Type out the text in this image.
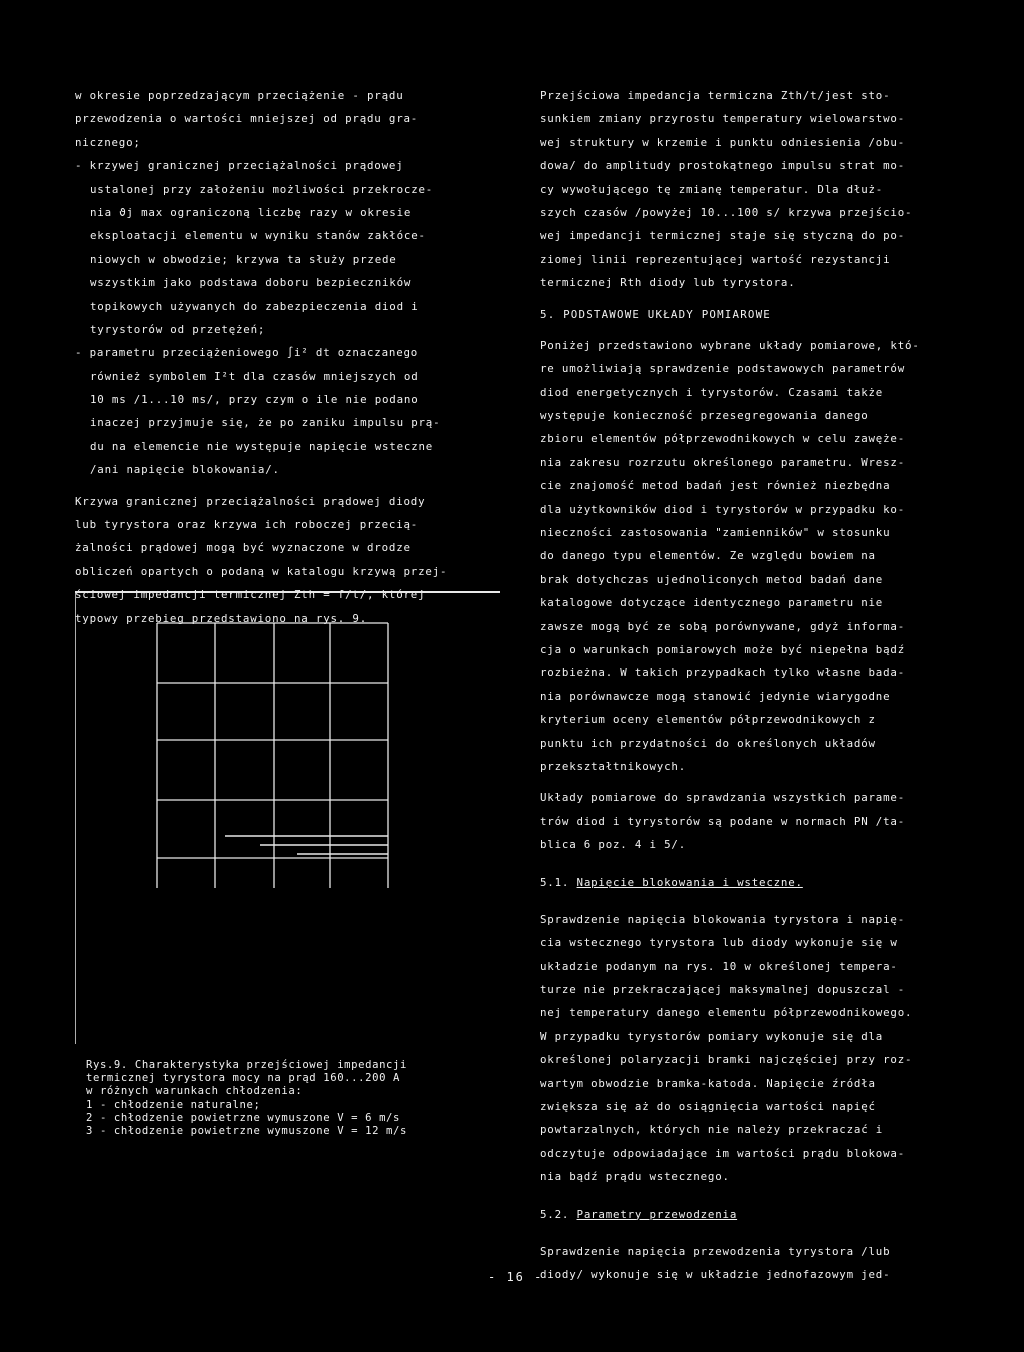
w okresie poprzedzającym przeciążenie - prądu
przewodzenia o wartości mniejszej od prądu gra-
nicznego;
- krzywej granicznej przeciążalności prądowej
ustalonej przy założeniu możliwości przekrocze-
nia ϑj max ograniczoną liczbę razy w okresie
eksploatacji elementu w wyniku stanów zakłóce-
niowych w obwodzie; krzywa ta służy przede
wszystkim jako podstawa doboru bezpieczników
topikowych używanych do zabezpieczenia diod i
tyrystorów od przetężeń;
- parametru przeciążeniowego ∫i² dt oznaczanego
również symbolem I²t dla czasów mniejszych od
10 ms /1...10 ms/, przy czym o ile nie podano
inaczej przyjmuje się, że po zaniku impulsu prą-
du na elemencie nie występuje napięcie wsteczne
/ani napięcie blokowania/.
Krzywa granicznej przeciążalności prądowej diody
lub tyrystora oraz krzywa ich roboczej przecią-
żalności prądowej mogą być wyznaczone w drodze
obliczeń opartych o podaną w katalogu krzywą przej-
ściowej impedancji termicznej Zth = f/t/, której
typowy przebieg przedstawiono na rys. 9.
Rys.9. Charakterystyka przejściowej impedancji
termicznej tyrystora mocy na prąd 160...200 A
w różnych warunkach chłodzenia:
1 - chłodzenie naturalne;
2 - chłodzenie powietrzne wymuszone V = 6 m/s
3 - chłodzenie powietrzne wymuszone V = 12 m/s
Przejściowa impedancja termiczna Zth/t/jest sto-
sunkiem zmiany przyrostu temperatury wielowarstwo-
wej struktury w krzemie i punktu odniesienia /obu-
dowa/ do amplitudy prostokątnego impulsu strat mo-
cy wywołującego tę zmianę temperatur. Dla dłuż-
szych czasów /powyżej 10...100 s/ krzywa przejścio-
wej impedancji termicznej staje się styczną do po-
ziomej linii reprezentującej wartość rezystancji
termicznej Rth diody lub tyrystora.
5. PODSTAWOWE UKŁADY POMIAROWE
Poniżej przedstawiono wybrane układy pomiarowe, któ-
re umożliwiają sprawdzenie podstawowych parametrów
diod energetycznych i tyrystorów. Czasami także
występuje konieczność przesegregowania danego
zbioru elementów półprzewodnikowych w celu zawęże-
nia zakresu rozrzutu określonego parametru. Wresz-
cie znajomość metod badań jest również niezbędna
dla użytkowników diod i tyrystorów w przypadku ko-
nieczności zastosowania "zamienników" w stosunku
do danego typu elementów. Ze względu bowiem na
brak dotychczas ujednoliconych metod badań dane
katalogowe dotyczące identycznego parametru nie
zawsze mogą być ze sobą porównywane, gdyż informa-
cja o warunkach pomiarowych może być niepełna bądź
rozbieżna. W takich przypadkach tylko własne bada-
nia porównawcze mogą stanowić jedynie wiarygodne
kryterium oceny elementów półprzewodnikowych z
punktu ich przydatności do określonych układów
przekształtnikowych.
Układy pomiarowe do sprawdzania wszystkich parame-
trów diod i tyrystorów są podane w normach PN /ta-
blica 6 poz. 4 i 5/.
5.1. Napięcie blokowania i wsteczne.
Sprawdzenie napięcia blokowania tyrystora i napię-
cia wstecznego tyrystora lub diody wykonuje się w
układzie podanym na rys. 10 w określonej tempera-
turze nie przekraczającej maksymalnej dopuszczal -
nej temperatury danego elementu półprzewodnikowego.
W przypadku tyrystorów pomiary wykonuje się dla
określonej polaryzacji bramki najczęściej przy roz-
wartym obwodzie bramka-katoda. Napięcie źródła
zwiększa się aż do osiągnięcia wartości napięć
powtarzalnych, których nie należy przekraczać i
odczytuje odpowiadające im wartości prądu blokowa-
nia bądź prądu wstecznego.
5.2. Parametry przewodzenia
Sprawdzenie napięcia przewodzenia tyrystora /lub
diody/ wykonuje się w układzie jednofazowym jed-
- 16 -
